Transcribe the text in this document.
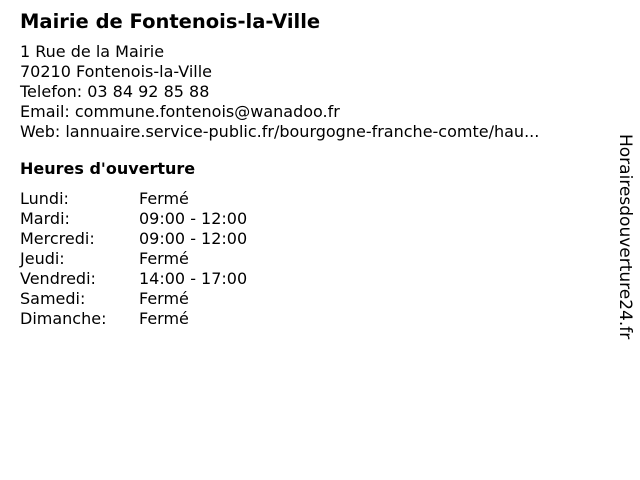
Mairie de Fontenois-la-Ville
1 Rue de la Mairie
70210 Fontenois-la-Ville
Telefon: 03 84 92 85 88
Email: commune.fontenois@wanadoo.fr
Web: lannuaire.service-public.fr/bourgogne-franche-comte/hau...
Heures d'ouverture
Lundi:	Fermé
Mardi:	09:00 - 12:00
Mercredi:	09:00 - 12:00
Jeudi:	Fermé
Vendredi:	14:00 - 17:00
Samedi:	Fermé
Dimanche: Fermé	Horairesdouverture24.fr
